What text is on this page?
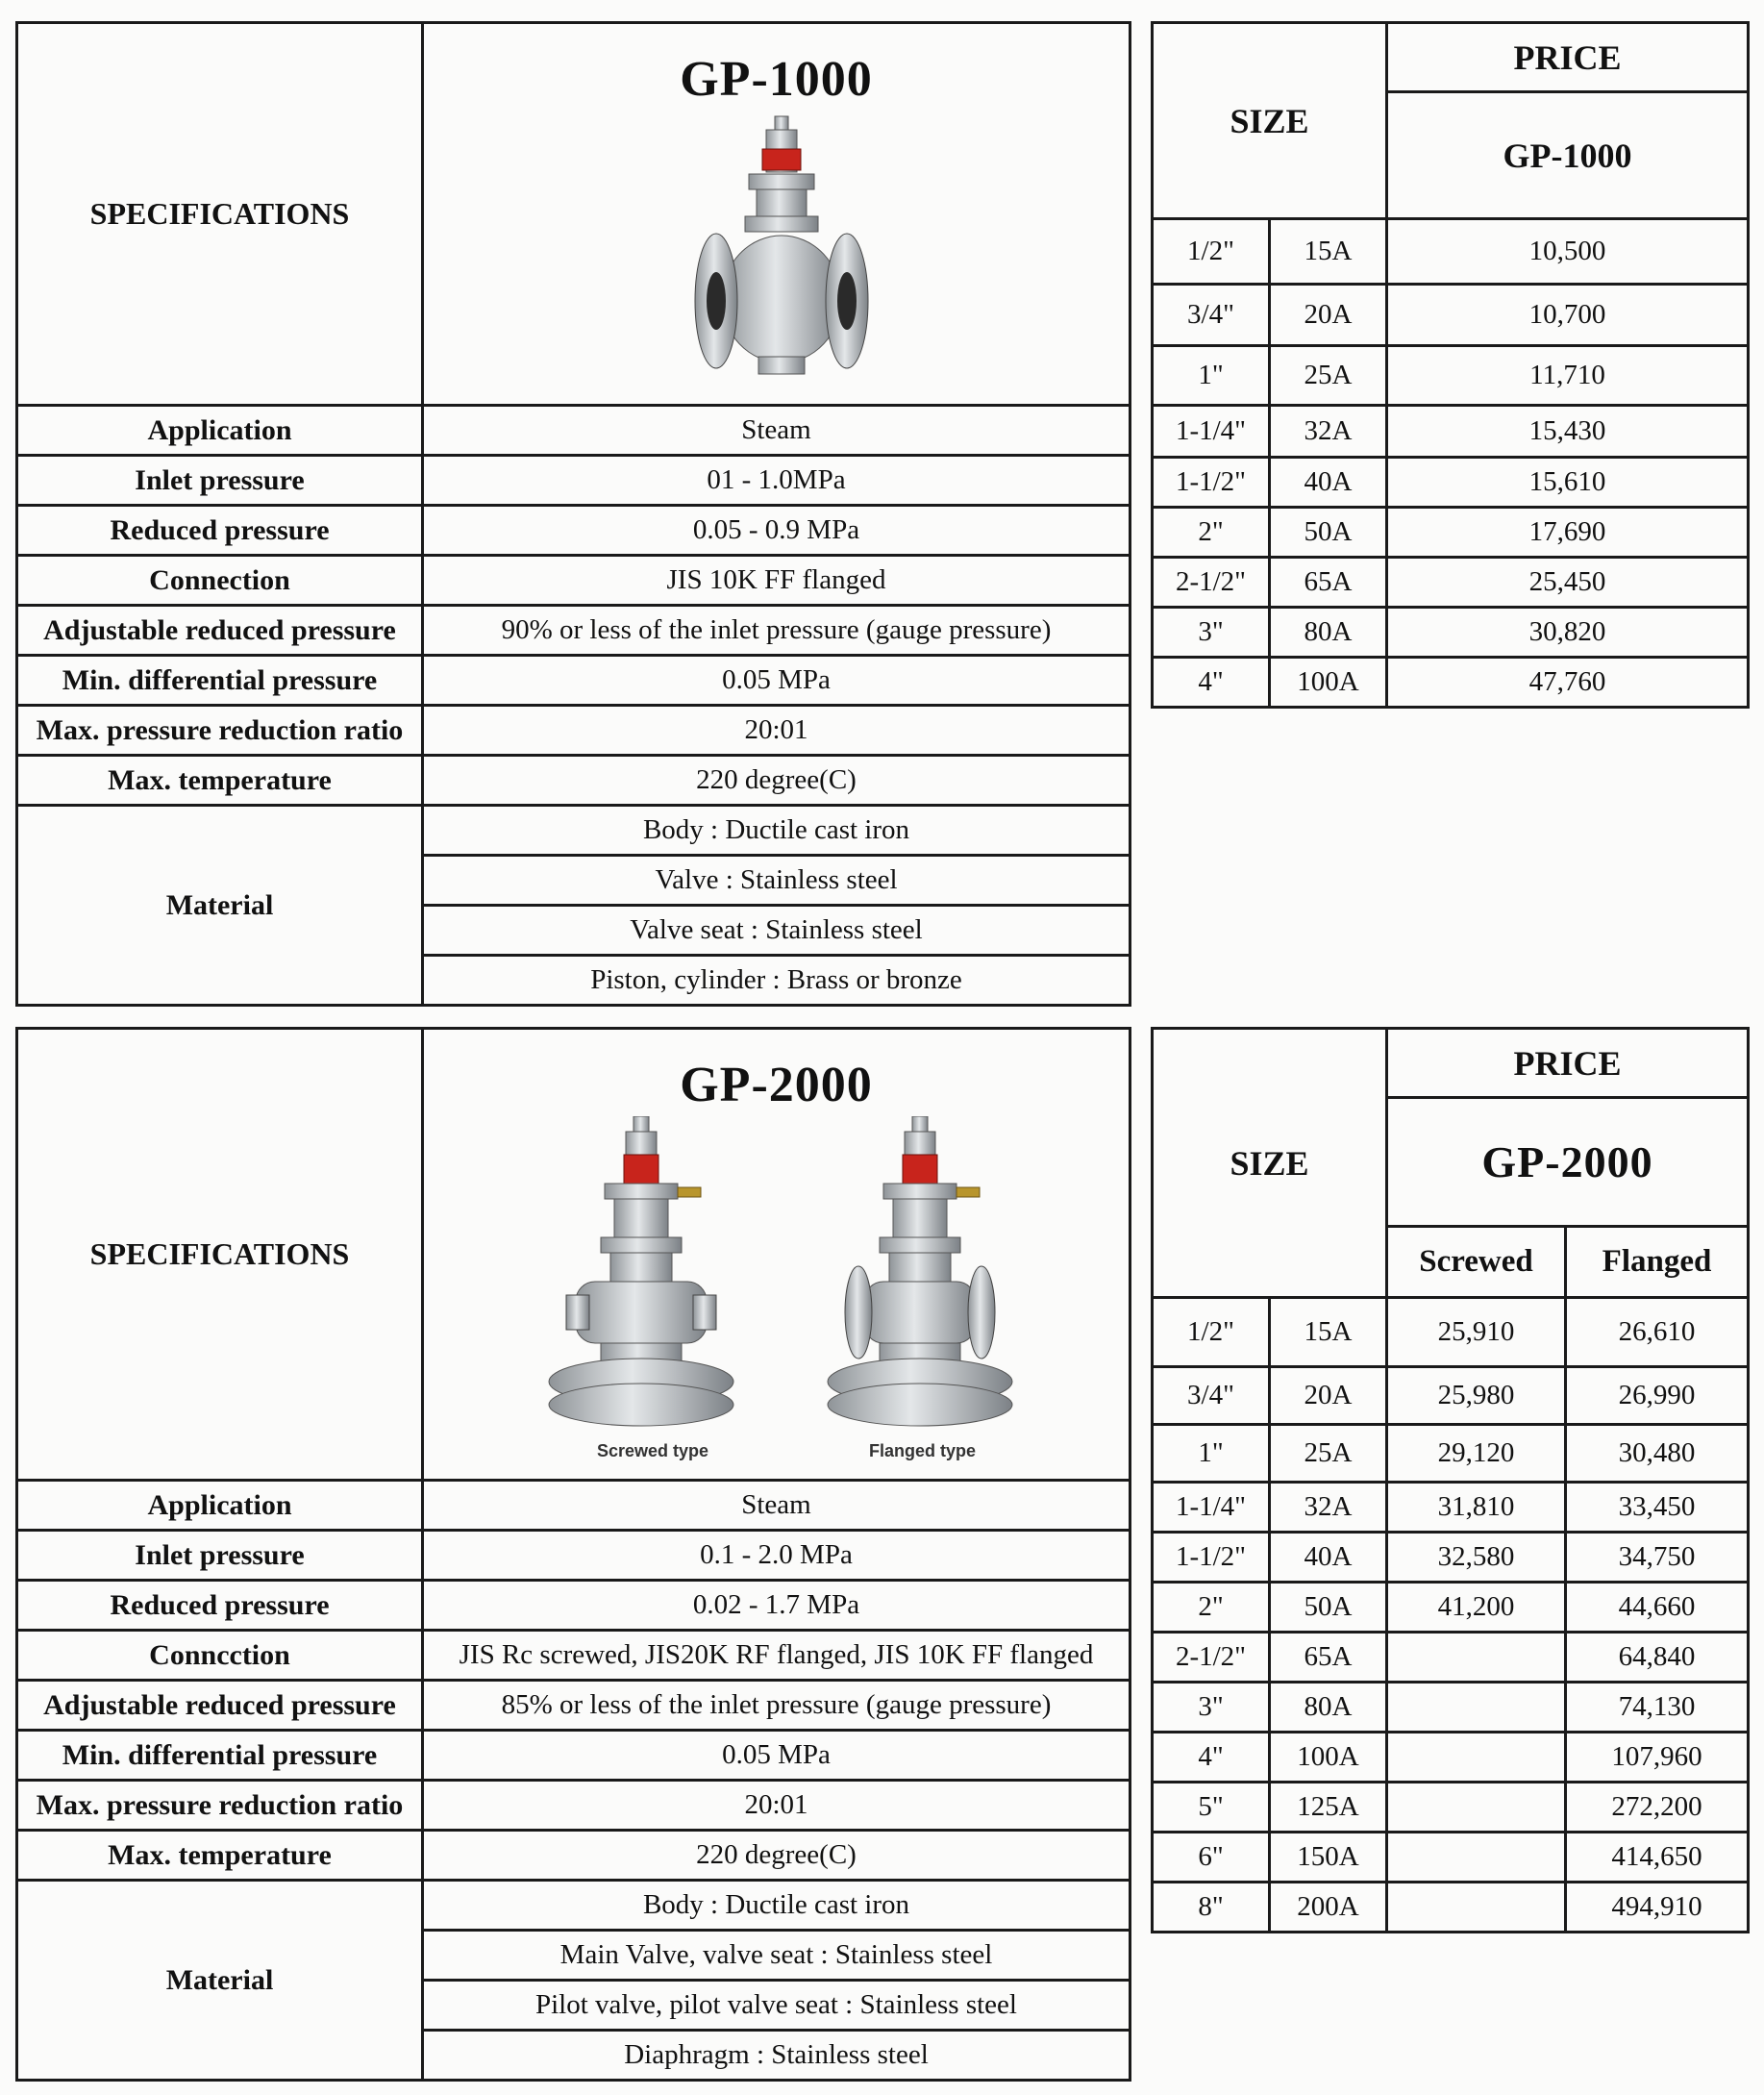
SPECIFICATIONS	GP-1000

Application	Steam
Inlet pressure	01 - 1.0MPa
Reduced pressure	0.05 - 0.9 MPa
Connection	JIS 10K FF flanged
Adjustable reduced pressure	90% or less of the inlet pressure (gauge pressure)
Min. differential pressure	0.05 MPa
Max. pressure reduction ratio	20:01
Max. temperature	220 degree(C)
Material	Body : Ductile cast iron
	Valve : Stainless steel
	Valve seat : Stainless steel
	Piston, cylinder : Brass or bronze
SIZE		PRICE
		GP-1000
1/2"	15A	10,500
3/4"	20A	10,700
1"	25A	11,710
1-1/4"	32A	15,430
1-1/2"	40A	15,610
2"	50A	17,690
2-1/2"	65A	25,450
3"	80A	30,820
4"	100A	47,760
SPECIFICATIONS	GP-2000
Screwed type Flanged type

Application	Steam
Inlet pressure	0.1 - 2.0 MPa
Reduced pressure	0.02 - 1.7 MPa
Conncction	JIS Rc screwed, JIS20K RF flanged, JIS 10K FF flanged
Adjustable reduced pressure	85% or less of the inlet pressure (gauge pressure)
Min. differential pressure	0.05 MPa
Max. pressure reduction ratio	20:01
Max. temperature	220 degree(C)
Material	Body : Ductile cast iron
	Main Valve, valve seat : Stainless steel
	Pilot valve, pilot valve seat : Stainless steel
	Diaphragm : Stainless steel
SIZE		PRICE	
		GP-2000	
		Screwed	Flanged
1/2"	15A	25,910	26,610
3/4"	20A	25,980	26,990
1"	25A	29,120	30,480
1-1/4"	32A	31,810	33,450
1-1/2"	40A	32,580	34,750
2"	50A	41,200	44,660
2-1/2"	65A		64,840
3"	80A		74,130
4"	100A		107,960
5"	125A		272,200
6"	150A		414,650
8"	200A		494,910
